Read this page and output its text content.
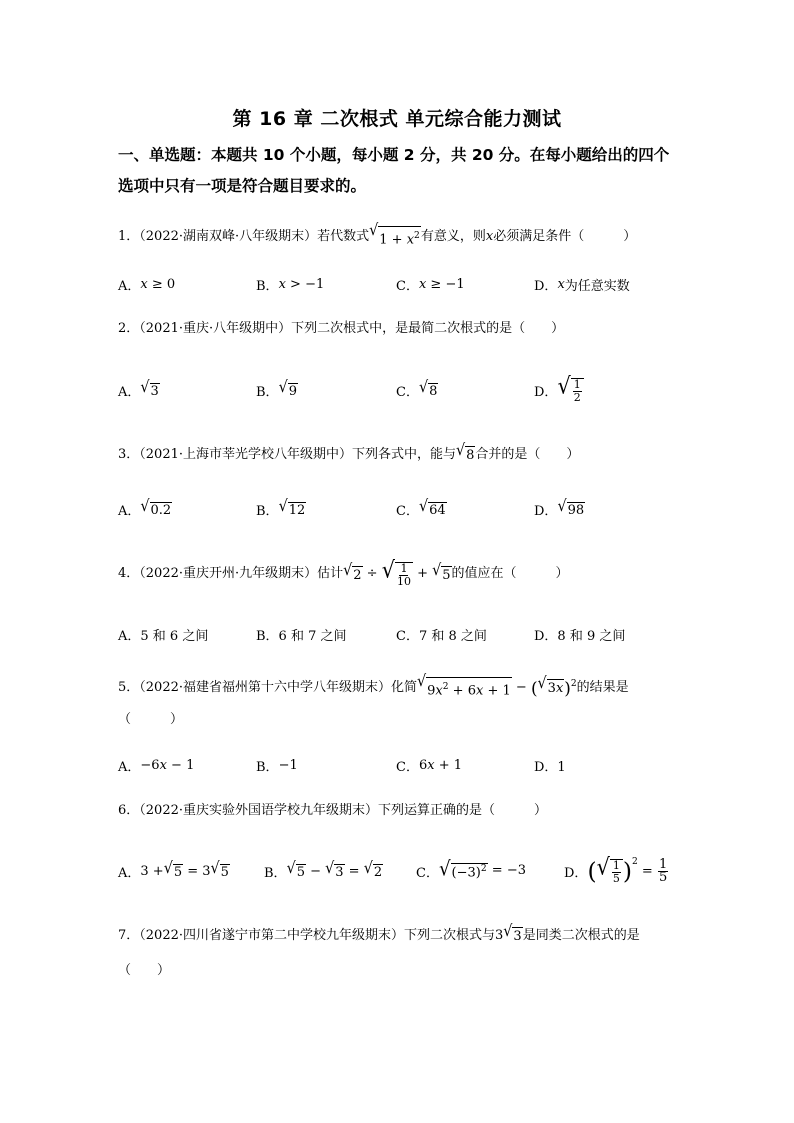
第 16 章 二次根式 单元综合能力测试
一、单选题：本题共 10 个小题，每小题 2 分，共 20 分。在每小题给出的四个
选项中只有一项是符合题目要求的。
1．（2022·湖南双峰·八年级期末）若代数式 √
$1 + x^2$ 有意义，则 x 必须满足条件（　　　）
A． x ≥ 0	B． x > −1	C． x ≥ −1	D． x 为任意实数
2．（2021·重庆·八年级期中）下列二次根式中，是最简二次根式的是（　　）
A． √ 3	B． √ 9	C． √ 8	D． √ $\frac{1}{2}$
3．（2021·上海市莘光学校八年级期中）下列各式中，能与 √ 8 合并的是（　　）
A． √ 0.2	B． √ 12	C． √ 64	D． √ 98
4．（2022·重庆开州·九年级期末）估计 √ 2 ÷ √ $\frac{1}{10}$ + √ 5 的值应在（　　　）
A．5 和 6 之间	B．6 和 7 之间	C．7 和 8 之间	D．8 和 9 之间
5．（2022·福建省福州第十六中学八年级期末）化简 √
$9x^2 + 6x + 1$ − ( √ 3x )$^2$ 的结果是
（　　　）
A． −6x − 1	B． −1	C． 6x + 1	D．1
6．（2022·重庆实验外国语学校九年级期末）下列运算正确的是（　　　）
A． 3 + √ 5 = 3 √ 5	B． √ 5 − √ 3 = √ 2	C． √ $(-3)^2 = -3$	D． ( √ $\frac{1}{5} )^2$
= $\frac{1}{5}$
7．（2022·四川省遂宁市第二中学校九年级期末）下列二次根式与 3 √ 3 是同类二次根式的是
（　　）
